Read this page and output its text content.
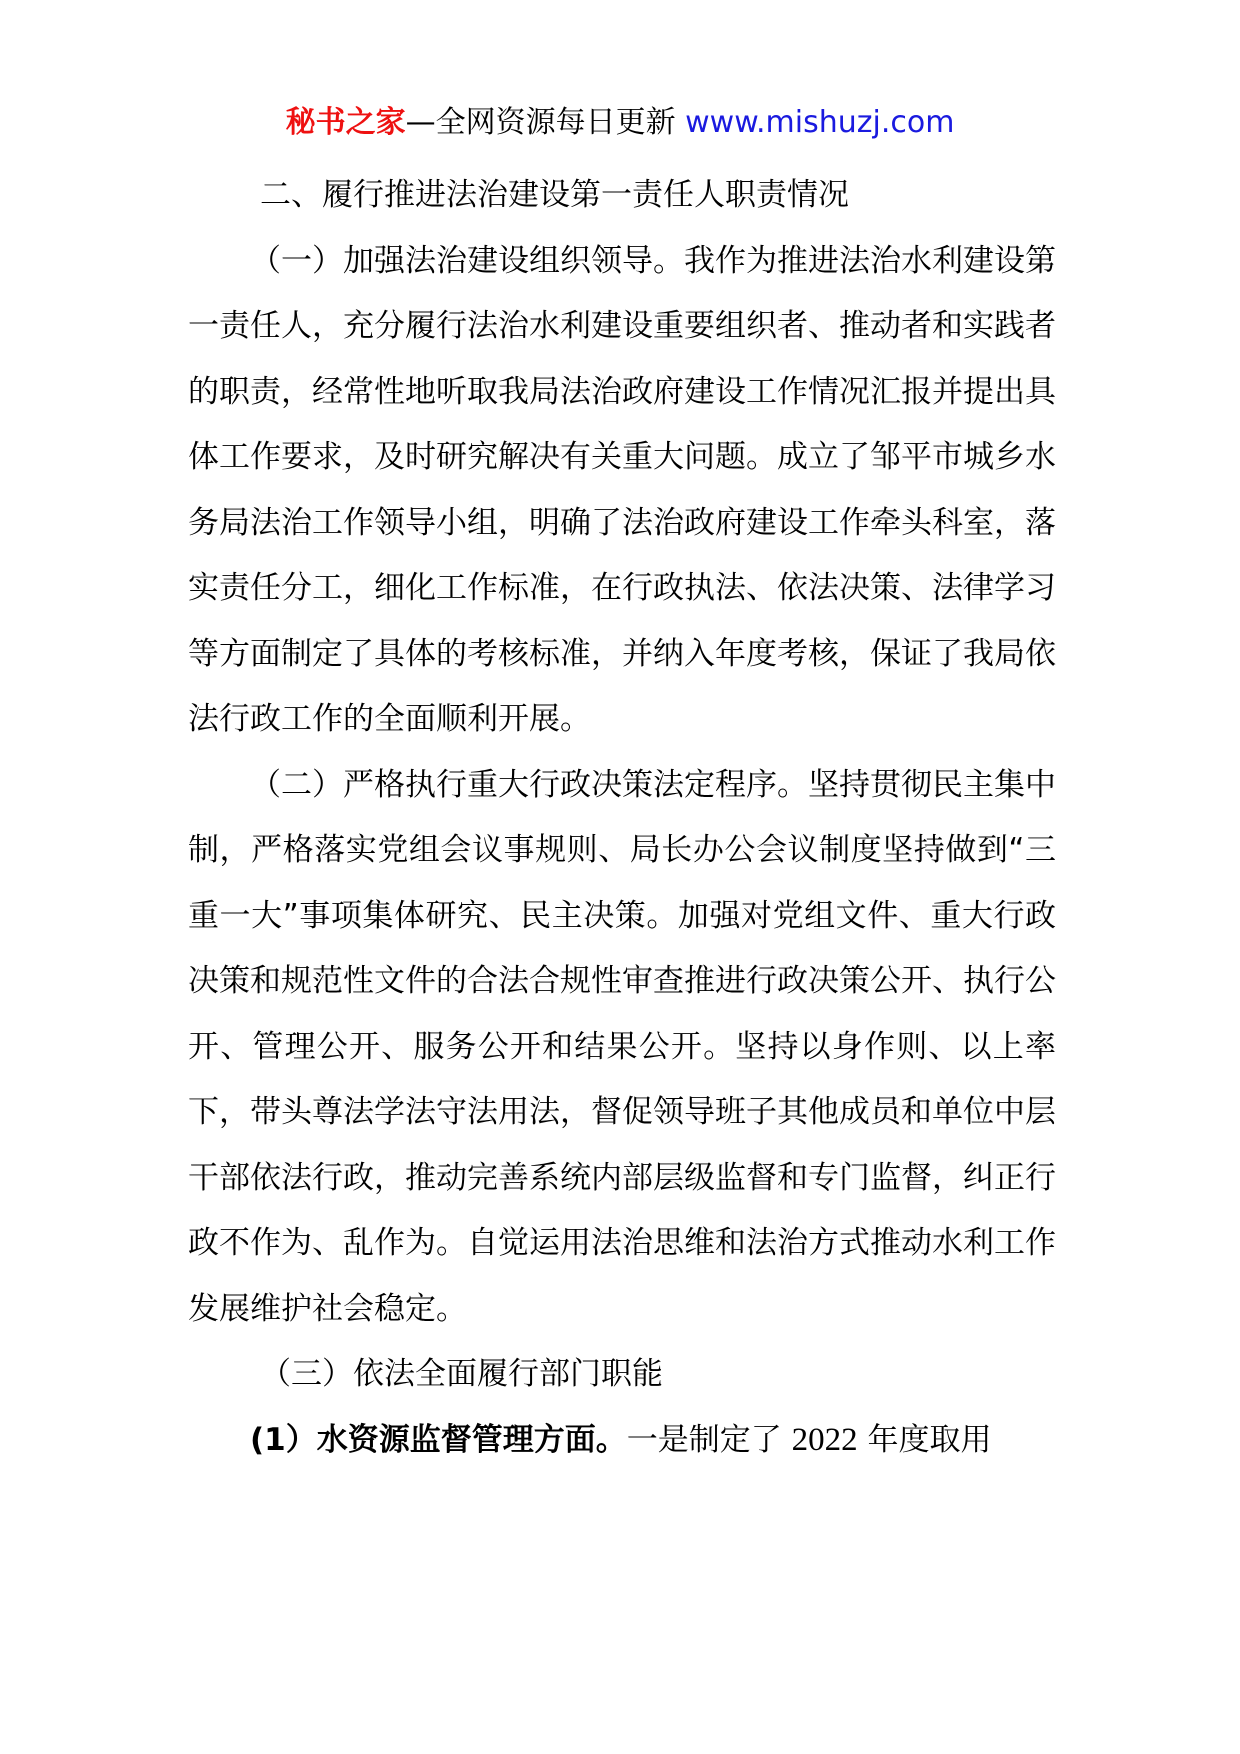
秘书之家—全网资源每日更新 www.mishuzj.com

二、履行推进法治建设第一责任人职责情况

（一）加强法治建设组织领导。我作为推进法治水利建设第一责任人，充分履行法治水利建设重要组织者、推动者和实践者的职责，经常性地听取我局法治政府建设工作情况汇报并提出具体工作要求，及时研究解决有关重大问题。成立了邹平市城乡水务局法治工作领导小组，明确了法治政府建设工作牵头科室，落实责任分工，细化工作标准，在行政执法、依法决策、法律学习等方面制定了具体的考核标准，并纳入年度考核，保证了我局依法行政工作的全面顺利开展。

（二）严格执行重大行政决策法定程序。坚持贯彻民主集中制，严格落实党组会议事规则、局长办公会议制度坚持做到“三重一大”事项集体研究、民主决策。加强对党组文件、重大行政决策和规范性文件的合法合规性审查推进行政决策公开、执行公开、管理公开、服务公开和结果公开。坚持以身作则、以上率下，带头尊法学法守法用法，督促领导班子其他成员和单位中层干部依法行政，推动完善系统内部层级监督和专门监督，纠正行政不作为、乱作为。自觉运用法治思维和法治方式推动水利工作发展维护社会稳定。

（三）依法全面履行部门职能

(1）水资源监督管理方面。一是制定了 2022 年度取用
